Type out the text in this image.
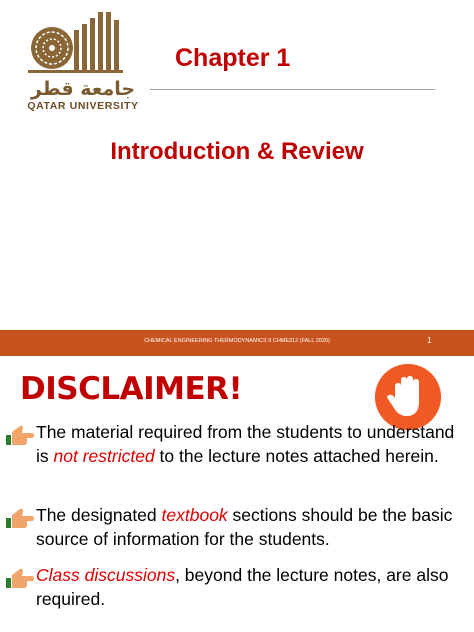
جامعة قطر
QATAR UNIVERSITY
Chapter 1
Introduction & Review
CHEMICAL ENGINEERING THERMODYNAMICS II CHME312 (FALL 2020)	1
DISCLAIMER!
The material required from the students to understand is not restricted to the lecture notes attached herein.
The designated textbook sections should be the basic source of information for the students.
Class discussions, beyond the lecture notes, are also required.
